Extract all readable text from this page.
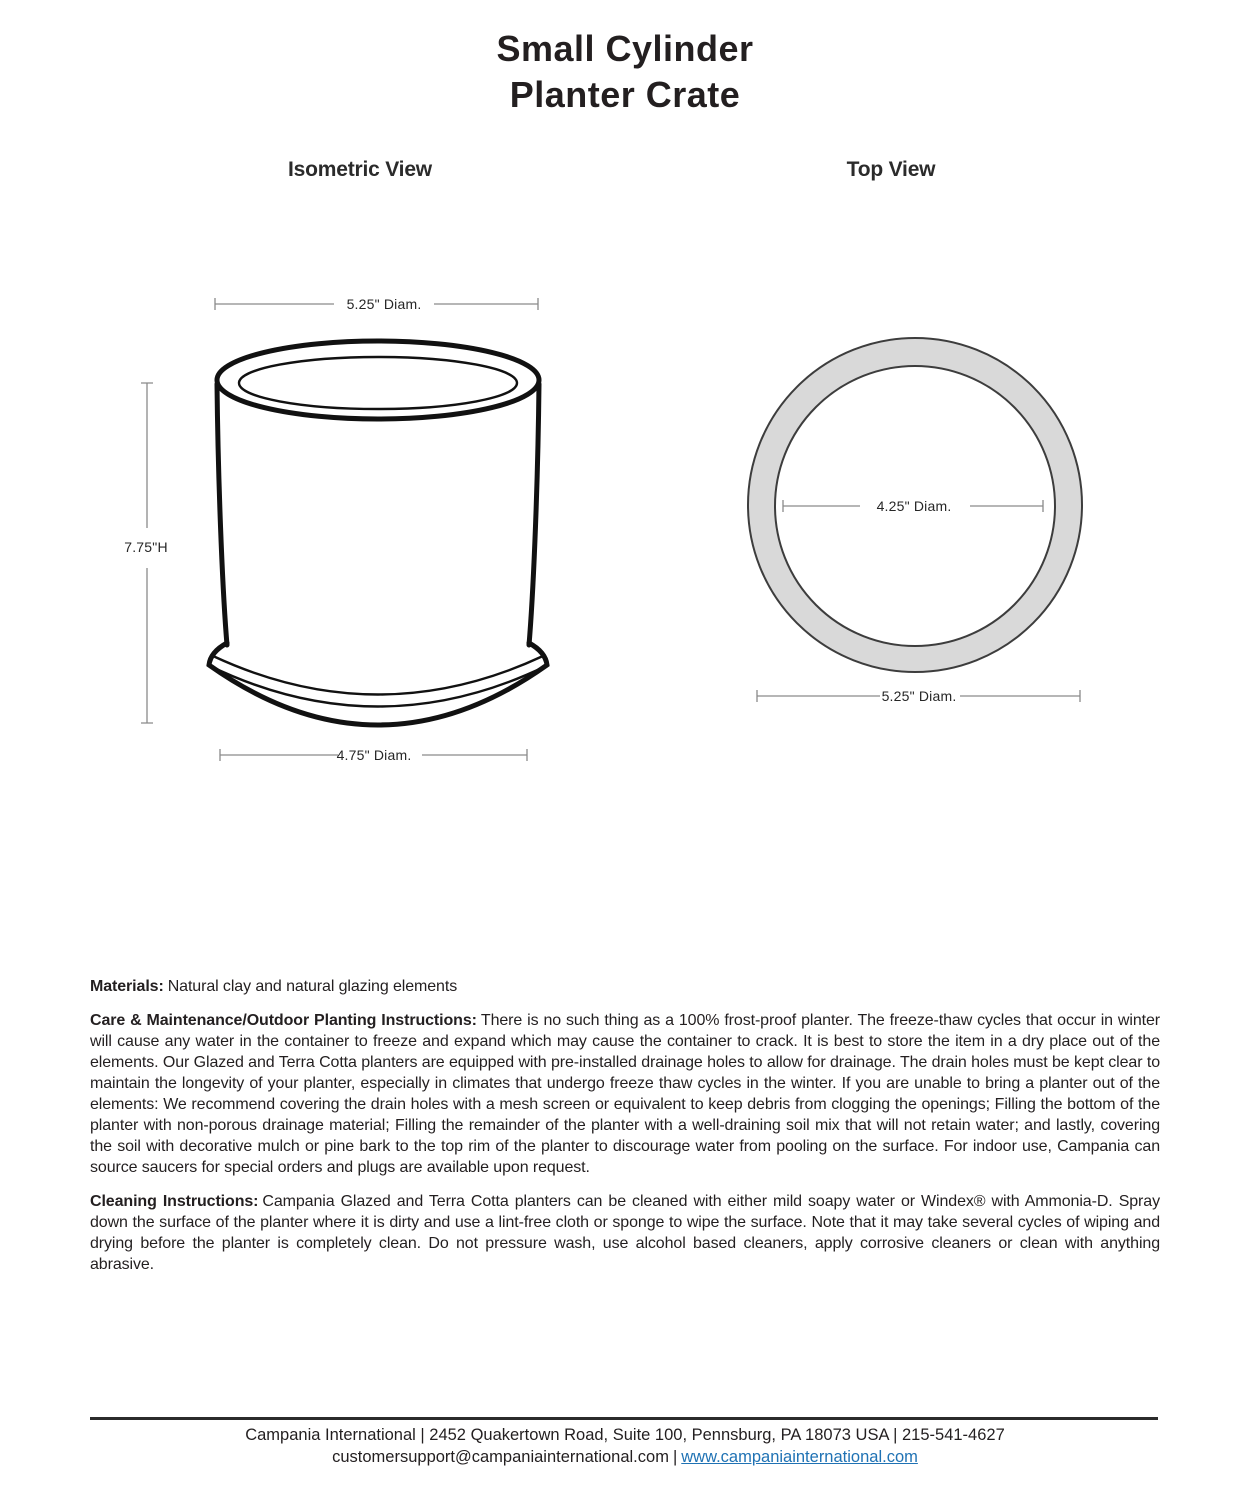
Small Cylinder
Planter Crate
Isometric View	Top View
5.25" Diam.
7.75"H
4.75" Diam.
4.25" Diam.
5.25" Diam.

Materials: Natural clay and natural glazing elements

Care & Maintenance/Outdoor Planting Instructions: There is no such thing as a 100% frost-proof planter. The freeze-thaw cycles that occur in winter will cause any water in the container to freeze and expand which may cause the container to crack. It is best to store the item in a dry place out of the elements. Our Glazed and Terra Cotta planters are equipped with pre-installed drainage holes to allow for drainage. The drain holes must be kept clear to maintain the longevity of your planter, especially in climates that undergo freeze thaw cycles in the winter. If you are unable to bring a planter out of the elements: We recommend covering the drain holes with a mesh screen or equivalent to keep debris from clogging the openings; Filling the bottom of the planter with non-porous drainage material; Filling the remainder of the planter with a well-draining soil mix that will not retain water; and lastly, covering the soil with decorative mulch or pine bark to the top rim of the planter to discourage water from pooling on the surface. For indoor use, Campania can source saucers for special orders and plugs are available upon request.

Cleaning Instructions: Campania Glazed and Terra Cotta planters can be cleaned with either mild soapy water or Windex® with Ammonia-D. Spray down the surface of the planter where it is dirty and use a lint-free cloth or sponge to wipe the surface. Note that it may take several cycles of wiping and drying before the planter is completely clean. Do not pressure wash, use alcohol based cleaners, apply corrosive cleaners or clean with anything abrasive.

Campania International | 2452 Quakertown Road, Suite 100, Pennsburg, PA 18073 USA | 215-541-4627
customersupport@campaniainternational.com | www.campaniainternational.com
